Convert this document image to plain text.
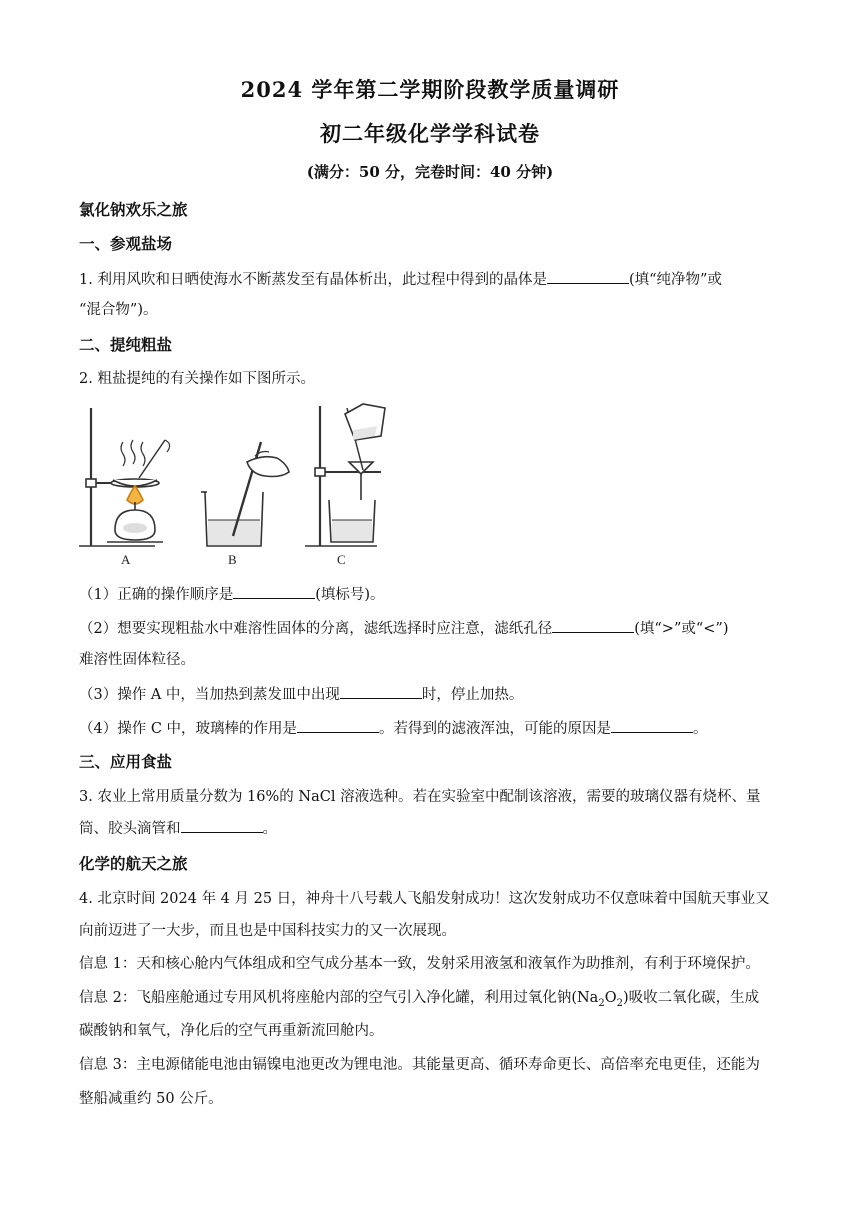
2024 学年第二学期阶段教学质量调研
初二年级化学学科试卷
(满分：50 分，完卷时间：40 分钟)
氯化钠欢乐之旅
一、参观盐场
1. 利用风吹和日晒使海水不断蒸发至有晶体析出，此过程中得到的晶体是	(填“纯净物”或
“混合物”)。
二、提纯粗盐
2. 粗盐提纯的有关操作如下图所示。
A	B	C
（1）正确的操作顺序是	(填标号)。
（2）想要实现粗盐水中难溶性固体的分离，滤纸选择时应注意，滤纸孔径	(填“>”或“<”)
难溶性固体粒径。
（3）操作 A 中，当加热到蒸发皿中出现	时，停止加热。
（4）操作 C 中，玻璃棒的作用是	。若得到的滤液浑浊，可能的原因是	。
三、应用食盐
3. 农业上常用质量分数为 16%的 NaCl 溶液选种。若在实验室中配制该溶液，需要的玻璃仪器有烧杯、量
筒、胶头滴管和	。
化学的航天之旅
4. 北京时间 2024 年 4 月 25 日，神舟十八号载人飞船发射成功！这次发射成功不仅意味着中国航天事业又
向前迈进了一大步，而且也是中国科技实力的又一次展现。
信息 1：天和核心舱内气体组成和空气成分基本一致，发射采用液氢和液氧作为助推剂，有利于环境保护。
信息 2：飞船座舱通过专用风机将座舱内部的空气引入净化罐，利用过氧化钠$(Na_2O_2)$吸收二氧化碳，生成
碳酸钠和氧气，净化后的空气再重新流回舱内。
信息 3：主电源储能电池由镉镍电池更改为锂电池。其能量更高、循环寿命更长、高倍率充电更佳，还能为
整船减重约 50 公斤。
